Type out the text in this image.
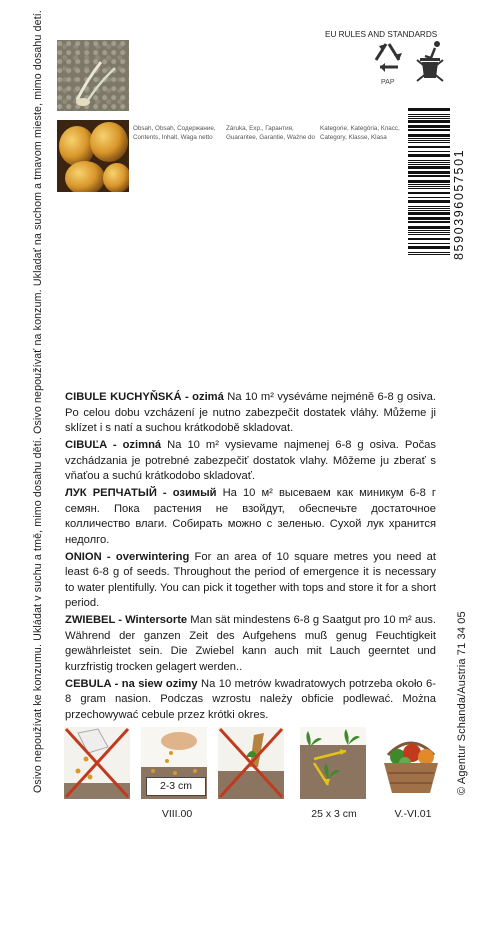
Osivo nepoužívat ke konzumu. Ukládat v suchu a tmě, mimo dosahu dětí. Osivo nepoužívať na konzum. Ukladať na suchom a tmavom mieste, mimo dosahu detí.	© Agentur Schanda/Austria 71 34 05
Obsah, Obsah, Содержание, Contents, Inhalt, Waga netto
Záruka, Exp., Гарантия, Guarantee, Garantie, Ważne do
Kategorie, Kategória, Класс, Category, Klasse, Klasa
EU RULES AND STANDARDS
PAP
8590396057501

CIBULE KUCHYŇSKÁ - ozimá Na 10 m² vyséváme nejméně 6-8 g osiva. Po celou dobu vzcházení je nutno zabezpečit dostatek vláhy. Můžeme ji sklízet i s natí a suchou krátkodobě skladovat.

CIBUĽA - ozimná Na 10 m² vysievame najmenej 6-8 g osiva. Počas vzchádzania je potrebné zabezpečiť dostatok vlahy. Môžeme ju zberať s vňaťou a suchú krátkodobo skladovať.

ЛУК РЕПЧАТЫЙ - озимый На 10 м² высеваем как миникум 6-8 г семян. Пока растения не взойдут, обеспечьте достаточное колличество влаги. Собирать можно с зеленью. Сухой лук хранится недолго.

ONION - overwintering For an area of 10 square metres you need at least 6-8 g of seeds. Throughout the period of emergence it is necessary to water plentifully. You can pick it together with tops and store it for a short period.

ZWIEBEL - Wintersorte Man sät mindestens 6-8 g Saatgut pro 10 m² aus. Während der ganzen Zeit des Aufgehens muß genug Feuchtigkeit gewährleistet sein. Die Zwiebel kann auch mit Lauch geerntet und kurzfristig trocken gelagert werden..

CEBULA - na siew ozimy Na 10 metrów kwadratowych potrzeba około 6-8 gram nasion. Podczas wzrostu należy obficie podlewać. Można przechowywać cebule przez krótki okres.

2-3 cm
VIII.00	25 x 3 cm	V.-VI.01
